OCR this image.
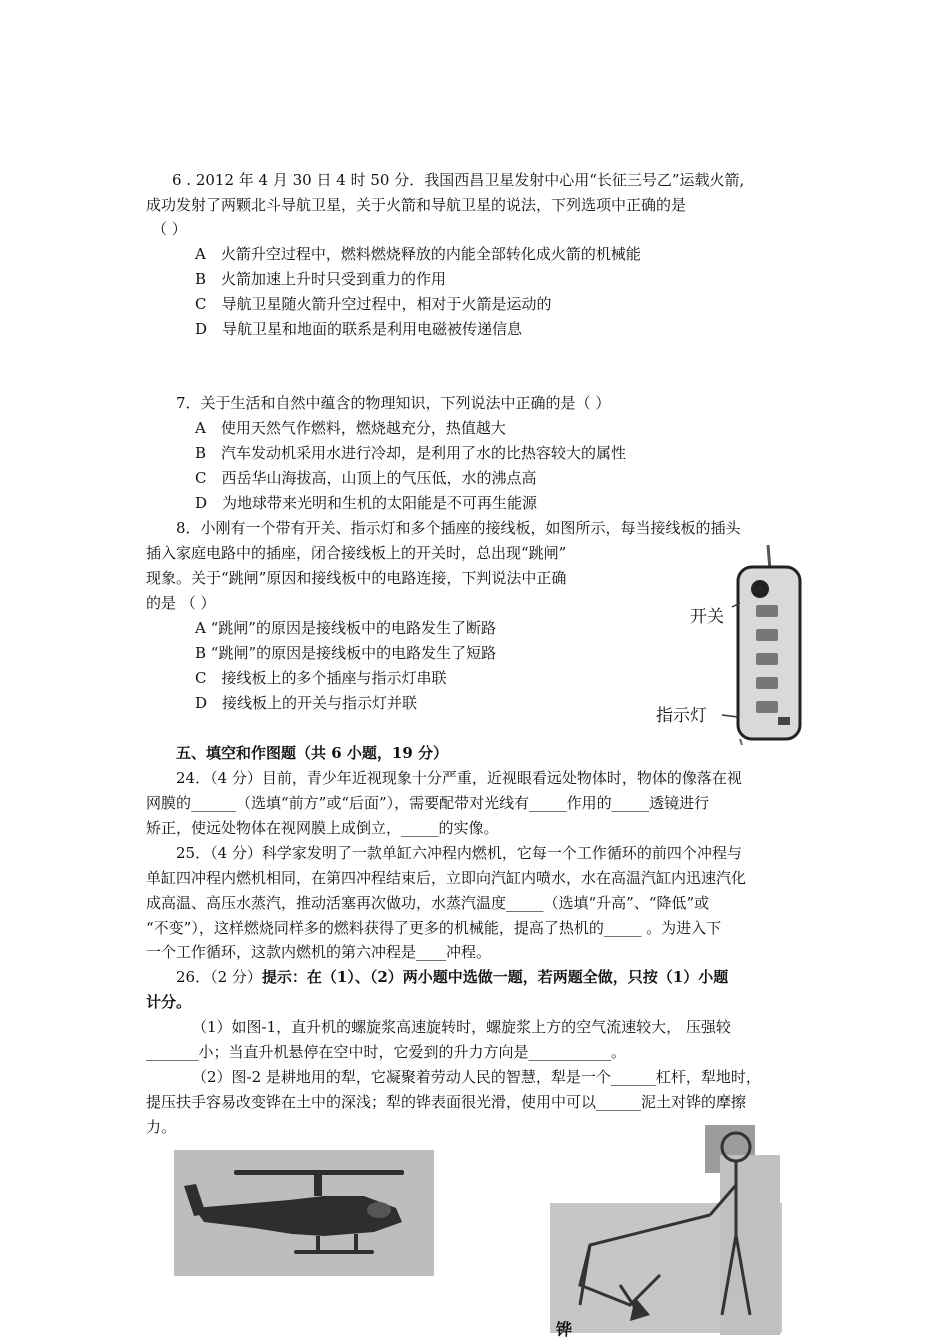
6 . 2012 年 4 月 30 日 4 时 50 分．我国西昌卫星发射中心用“长征三号乙”运载火箭,
成功发射了两颗北斗导航卫星，关于火箭和导航卫星的说法，下列选项中正确的是
（ ）
A　火箭升空过程中，燃料燃烧释放的内能全部转化成火箭的机械能
B　火箭加速上升时只受到重力的作用
C　导航卫星随火箭升空过程中，相对于火箭是运动的
D　导航卫星和地面的联系是利用电磁被传递信息
7．关于生活和自然中蕴含的物理知识，下列说法中正确的是（ ）
A　使用天然气作燃料，燃烧越充分，热值越大
B　汽车发动机采用水进行冷却，是利用了水的比热容较大的属性
C　西岳华山海拔高，山顶上的气压低，水的沸点高
D　为地球带来光明和生机的太阳能是不可再生能源
8．小刚有一个带有开关、指示灯和多个插座的接线板，如图所示，每当接线板的插头
插入家庭电路中的插座，闭合接线板上的开关时，总出现“跳闸”
现象。关于“跳闸”原因和接线板中的电路连接，下判说法中正确
的是 （ ）
A “跳闸”的原因是接线板中的电路发生了断路
B “跳闸”的原因是接线板中的电路发生了短路
C　接线板上的多个插座与指示灯串联
D　接线板上的开关与指示灯并联
开关
指示灯
五、填空和作图题（共 6 小题，19 分）
24．（4 分）目前，青少年近视现象十分严重，近视眼看远处物体时，物体的像落在视
网膜的______（选填“前方”或“后面”），需要配带对光线有_____作用的_____透镜进行
矫正，使远处物体在视网膜上成倒立，_____的实像。
25．（4 分）科学家发明了一款单缸六冲程内燃机，它每一个工作循环的前四个冲程与
单缸四冲程内燃机相同，在第四冲程结束后，立即向汽缸内喷水，水在高温汽缸内迅速汽化
成高温、高压水蒸汽，推动活塞再次做功，水蒸汽温度_____（选填“升高”、“降低”或
“不变”），这样燃烧同样多的燃料获得了更多的机械能，提高了热机的_____ 。为进入下
一个工作循环，这款内燃机的第六冲程是____冲程。
26．（2 分）提示：在（1）、（2）两小题中选做一题，若两题全做，只按（1）小题
计分。
（1）如图-1，直升机的螺旋浆高速旋转时，螺旋浆上方的空气流速较大， 压强较
_______小；当直升机悬停在空中时，它爱到的升力方向是___________。
（2）图-2 是耕地用的犁，它凝聚着劳动人民的智慧，犁是一个______杠杆，犁地时，
提压扶手容易改变铧在土中的深浅；犁的铧表面很光滑，使用中可以______泥土对铧的摩擦
力。
铧
